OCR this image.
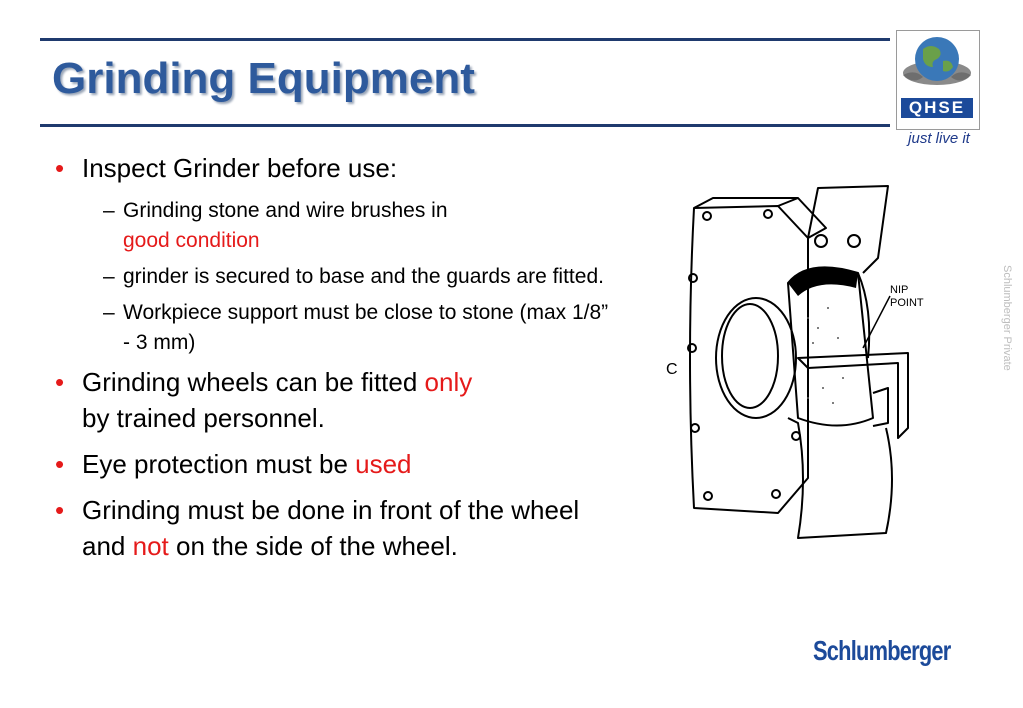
Grinding Equipment
QHSE
just live it
• Inspect Grinder before use:
– Grinding stone and wire brushes in
good condition
– grinder is secured to base and the guards are fitted.
– Workpiece support must be close to stone (max 1/8” - 3 mm)
• Grinding wheels can be fitted only
by trained personnel.
• Eye protection must be used
• Grinding must be done in front of the wheel and not on the side of the wheel.
NIP
POINT
C	Schlumberger Private
Schlumberger
